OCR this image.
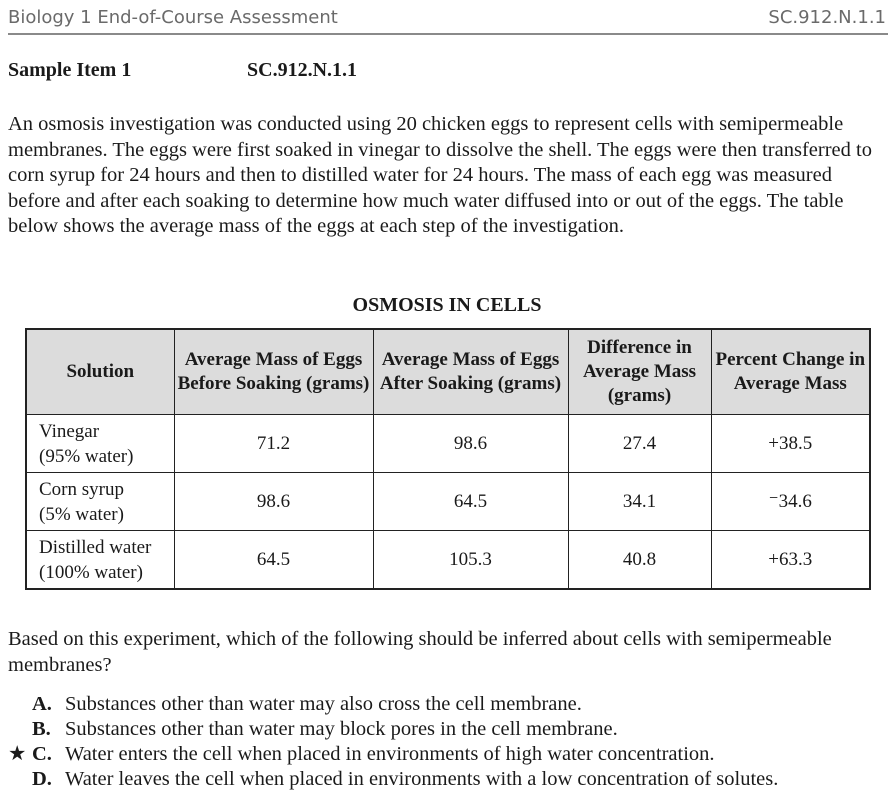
Biology 1 End-of-Course Assessment	SC.912.N.1.1
Sample Item 1	SC.912.N.1.1

An osmosis investigation was conducted using 20 chicken eggs to represent cells with semipermeable membranes. The eggs were first soaked in vinegar to dissolve the shell. The eggs were then transferred to corn syrup for 24 hours and then to distilled water for 24 hours. The mass of each egg was measured before and after each soaking to determine how much water diffused into or out of the eggs. The table below shows the average mass of the eggs at each step of the investigation.

OSMOSIS IN CELLS
Solution	Average Mass of Eggs Before Soaking (grams)	Average Mass of Eggs After Soaking (grams)	Difference in Average Mass (grams)	Percent Change in Average Mass
Vinegar
(95% water)	71.2	98.6	27.4	+38.5
Corn syrup
(5% water)	98.6	64.5	34.1	⁻34.6
Distilled water
(100% water)	64.5	105.3	40.8	+63.3

Based on this experiment, which of the following should be inferred about cells with semipermeable membranes?

A. Substances other than water may also cross the cell membrane.
B. Substances other than water may block pores in the cell membrane.
★ C. Water enters the cell when placed in environments of high water concentration.
D. Water leaves the cell when placed in environments with a low concentration of solutes.
